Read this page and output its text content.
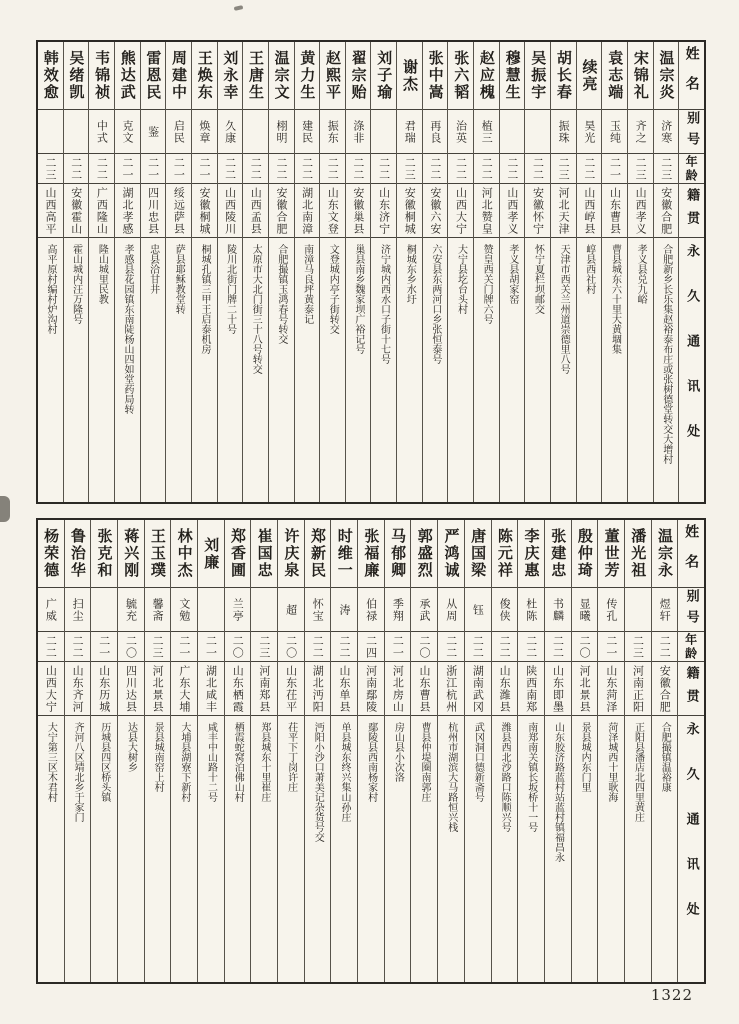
姓名
别号
年龄
籍贯
永久通讯处
温宗炎
济寒
二三
安徽合肥
合肥新乡长乐集赵裕泰布庄或张树德堂转交大增村
宋锦礼
齐之
二三
山西孝义
孝义县兑九峪
袁志端
玉纯
二一
山东曹县
曹县城东六十里大黄堌集
续亮
昊光
二二
山西崞县
崞县西社村
胡长春
振珠
二三
河北天津
天津市西关兰州道崇德里八号
吴振宇
二二
安徽怀宁
怀宁夏栏坝邮交
穆慧生
二二
山西孝义
孝义县胡家窑
赵应槐
植三
二二
河北赞皇
赞皇西关门牌六号
张六韬
治英
二二
山西大宁
大宁县圪台头村
张中嵩
再良
二二
安徽六安
六安县东两河口乡张恒泰号
谢杰
君瑞
二三
安徽桐城
桐城东乡水圩
刘子瑜
二二
山东济宁
济宁城内西水口子街十七号
翟宗贻
涤非
二二
安徽巢县
巢县南乡魏家坝广裕记号
赵熙平
振东
二二
山东文登
文登城内亭子街转交
黄力生
建民
二二
湖北南漳
南漳马良坪黄泰记
温宗文
栩明
二二
安徽合肥
合肥撮镇玉鸿春号转交
王唐生
二二
山西孟县
太原市大北门街三十八号转交
刘永幸
久康
二二
山西陵川
陵川北街门牌二十号
王焕东
焕章
二一
安徽桐城
桐城孔镇三甲王启泰机房
周建中
启民
二一
绥远萨县
萨县耶稣教堂转
雷恩民
鉴
二一
四川忠县
忠县洽甘井
熊达武
克文
二一
湖北孝感
孝感县花园镇东南陡杨山四如堂药局转
韦锦祯
中式
二二
广西隆山
隆山城里民教
吴绪凯
二二
安徽霍山
霍山城内汪万隆号
韩效愈
二三
山西高平
高平原村编村炉沟村
姓名
别号
年龄
籍贯
永久通讯处
温宗永
煜轩
二二
安徽合肥
合肥撮镇温裕康
潘光祖
二三
河南正阳
正阳县潘店北四里黄庄
董世芳
传孔
二一
山东菏泽
菏泽城西十里耿海
殷仲琦
显曦
二〇
河北景县
景县城内东门里
张建忠
书麟
二二
山东即墨
山东胶济路蓝村站蓝村镇福昌永
李庆惠
杜陈
二二
陕西南郑
南郑南关镇长坂桥十一号
陈元祥
俊侠
二二
山东潍县
潍县西北沙路口陈顺兴号
唐国梁
钰
二二
湖南武冈
武冈洞口德新斋号
严鸿诚
从周
二二
浙江杭州
杭州市湖滨大马路恒兴栈
郭盛烈
承武
二〇
山东曹县
曹县仲堤圈南郭庄
马郁卿
季翔
二一
河北房山
房山县小次洛
张福廉
伯禄
二四
河南鄢陵
鄢陵县西南杨家村
时维一
涛
二二
山东单县
单县城东终兴集山孙庄
郑新民
怀宝
二二
湖北沔阳
沔阳小沙口萧美记杂货号交
许庆泉
超
二〇
山东茌平
茌平下丁岗许庄
崔国忠
二三
河南郑县
郑县城东十里崔庄
郑香圃
兰亭
二〇
山东栖霞
栖霞蛇窝泊佛山村
刘廉
二一
湖北咸丰
咸丰中山路十二号
林中杰
文勉
二一
广东大埔
大埔县湖寮下新村
王玉璞
馨斋
二三
河北景县
景县城南窑上村
蒋兴刚
毓充
二〇
四川达县
达县大树乡
张克和
二一
山东历城
历城县四区桥头镇
鲁治华
扫尘
二二
山东齐河
齐河八区靖北乡于家门
杨荣德
广威
二二
山西大宁
大宁第三区木君村
1322
